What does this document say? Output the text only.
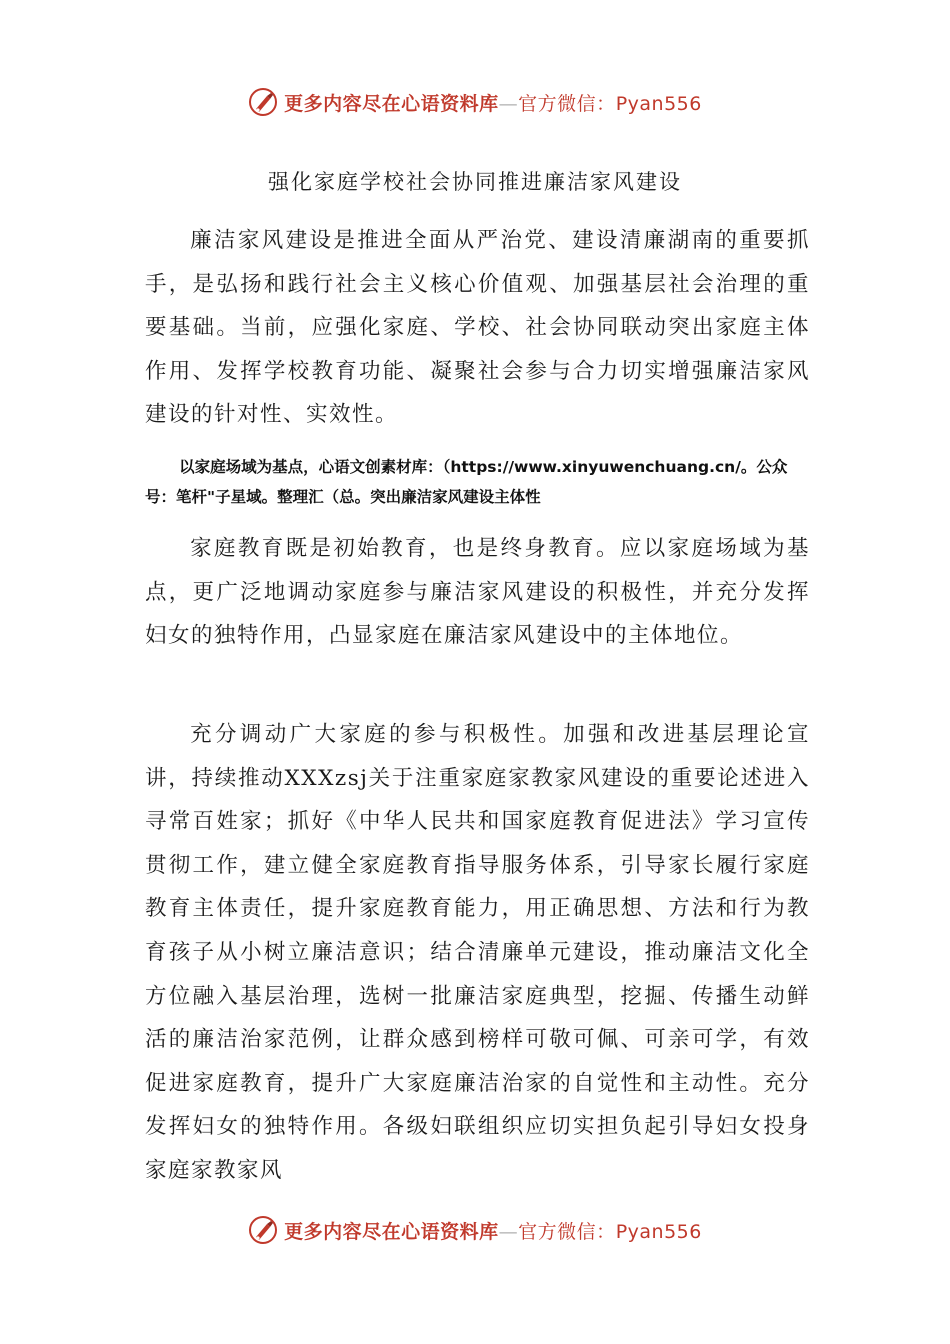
更多内容尽在心语资料库—官方微信：Pyan556
强化家庭学校社会协同推进廉洁家风建设

廉洁家风建设是推进全面从严治党、建设清廉湖南的重要抓手，是弘扬和践行社会主义核心价值观、加强基层社会治理的重要基础。当前，应强化家庭、学校、社会协同联动突出家庭主体作用、发挥学校教育功能、凝聚社会参与合力切实增强廉洁家风建设的针对性、实效性。

以家庭场域为基点，心语文创素材库：（https://www.xinyuwenchuang.cn/。公众号：笔杆"子星域。整理汇（总。突出廉洁家风建设主体性

家庭教育既是初始教育，也是终身教育。应以家庭场域为基点，更广泛地调动家庭参与廉洁家风建设的积极性，并充分发挥妇女的独特作用，凸显家庭在廉洁家风建设中的主体地位。

充分调动广大家庭的参与积极性。加强和改进基层理论宣讲，持续推动XXXzsj关于注重家庭家教家风建设的重要论述进入寻常百姓家；抓好《中华人民共和国家庭教育促进法》学习宣传贯彻工作，建立健全家庭教育指导服务体系，引导家长履行家庭教育主体责任，提升家庭教育能力，用正确思想、方法和行为教育孩子从小树立廉洁意识；结合清廉单元建设，推动廉洁文化全方位融入基层治理，选树一批廉洁家庭典型，挖掘、传播生动鲜活的廉洁治家范例，让群众感到榜样可敬可佩、可亲可学，有效促进家庭教育，提升广大家庭廉洁治家的自觉性和主动性。充分发挥妇女的独特作用。各级妇联组织应切实担负起引导妇女投身家庭家教家风

更多内容尽在心语资料库—官方微信：Pyan556
